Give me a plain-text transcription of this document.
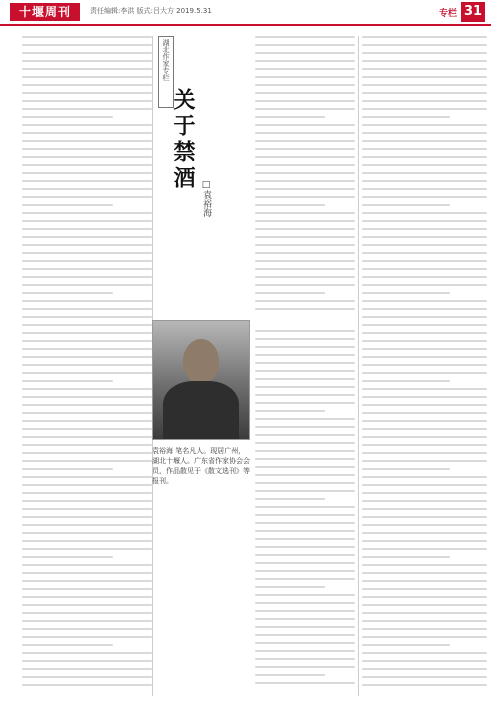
十堰周刊	责任编辑:李洪 版式:吕大方 2019.5.31	专栏 31
湖北作家专栏
关于禁酒
□袁裕海
袁裕海 笔名凡人。现居广州，湖北十堰人。广东省作家协会会员，作品散见于《散文选刊》等报刊。
